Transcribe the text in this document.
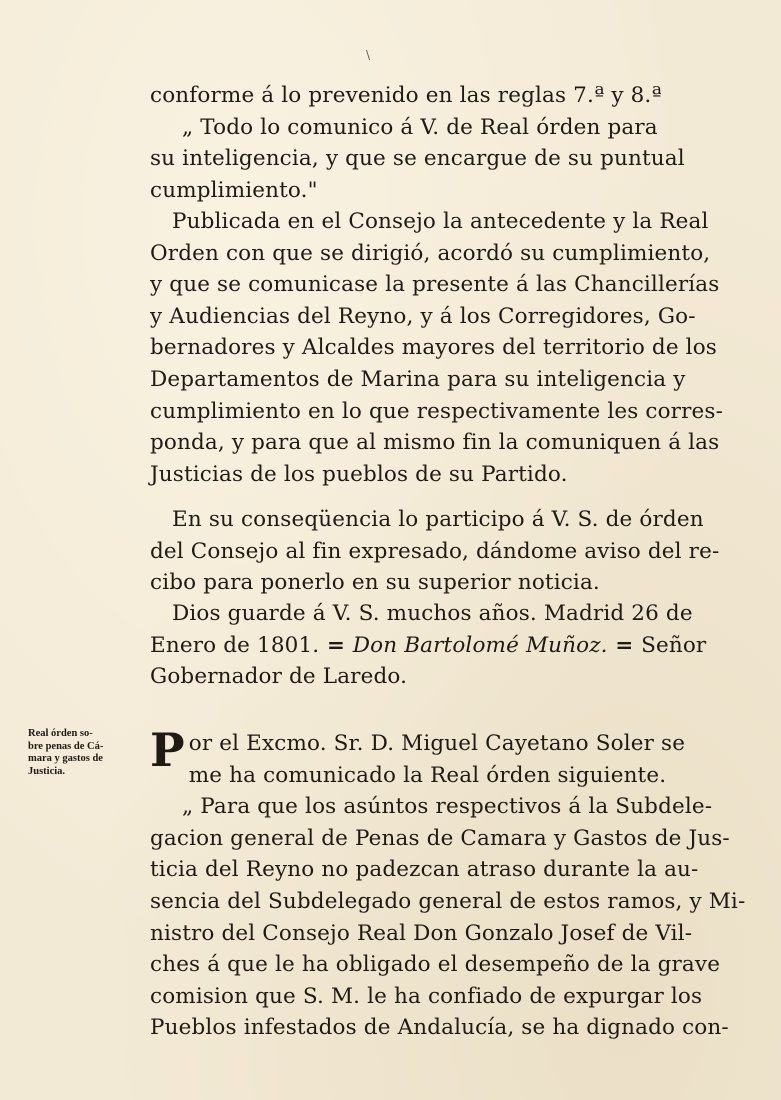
\
conforme á lo prevenido en las reglas 7.ª y 8.ª
„ Todo lo comunico á V. de Real órden para
su inteligencia, y que se encargue de su puntual
cumplimiento."
Publicada en el Consejo la antecedente y la Real
Orden con que se dirigió, acordó su cumplimiento,
y que se comunicase la presente á las Chancillerías
y Audiencias del Reyno, y á los Corregidores, Go-
bernadores y Alcaldes mayores del territorio de los
Departamentos de Marina para su inteligencia y
cumplimiento en lo que respectivamente les corres-
ponda, y para que al mismo fin la comuniquen á las
Justicias de los pueblos de su Partido.
En su conseqüencia lo participo á V. S. de órden
del Consejo al fin expresado, dándome aviso del re-
cibo para ponerlo en su superior noticia.
Dios guarde á V. S. muchos años. Madrid 26 de
Enero de 1801. = Don Bartolomé Muñoz. = Señor
Gobernador de Laredo.
Real órden so-
bre penas de Cá-
mara y gastos de
Justicia.	P or el Excmo. Sr. D. Miguel Cayetano Soler se
me ha comunicado la Real órden siguiente.
„ Para que los asúntos respectivos á la Subdele-
gacion general de Penas de Camara y Gastos de Jus-
ticia del Reyno no padezcan atraso durante la au-
sencia del Subdelegado general de estos ramos, y Mi-
nistro del Consejo Real Don Gonzalo Josef de Vil-
ches á que le ha obligado el desempeño de la grave
comision que S. M. le ha confiado de expurgar los
Pueblos infestados de Andalucía, se ha dignado con-
